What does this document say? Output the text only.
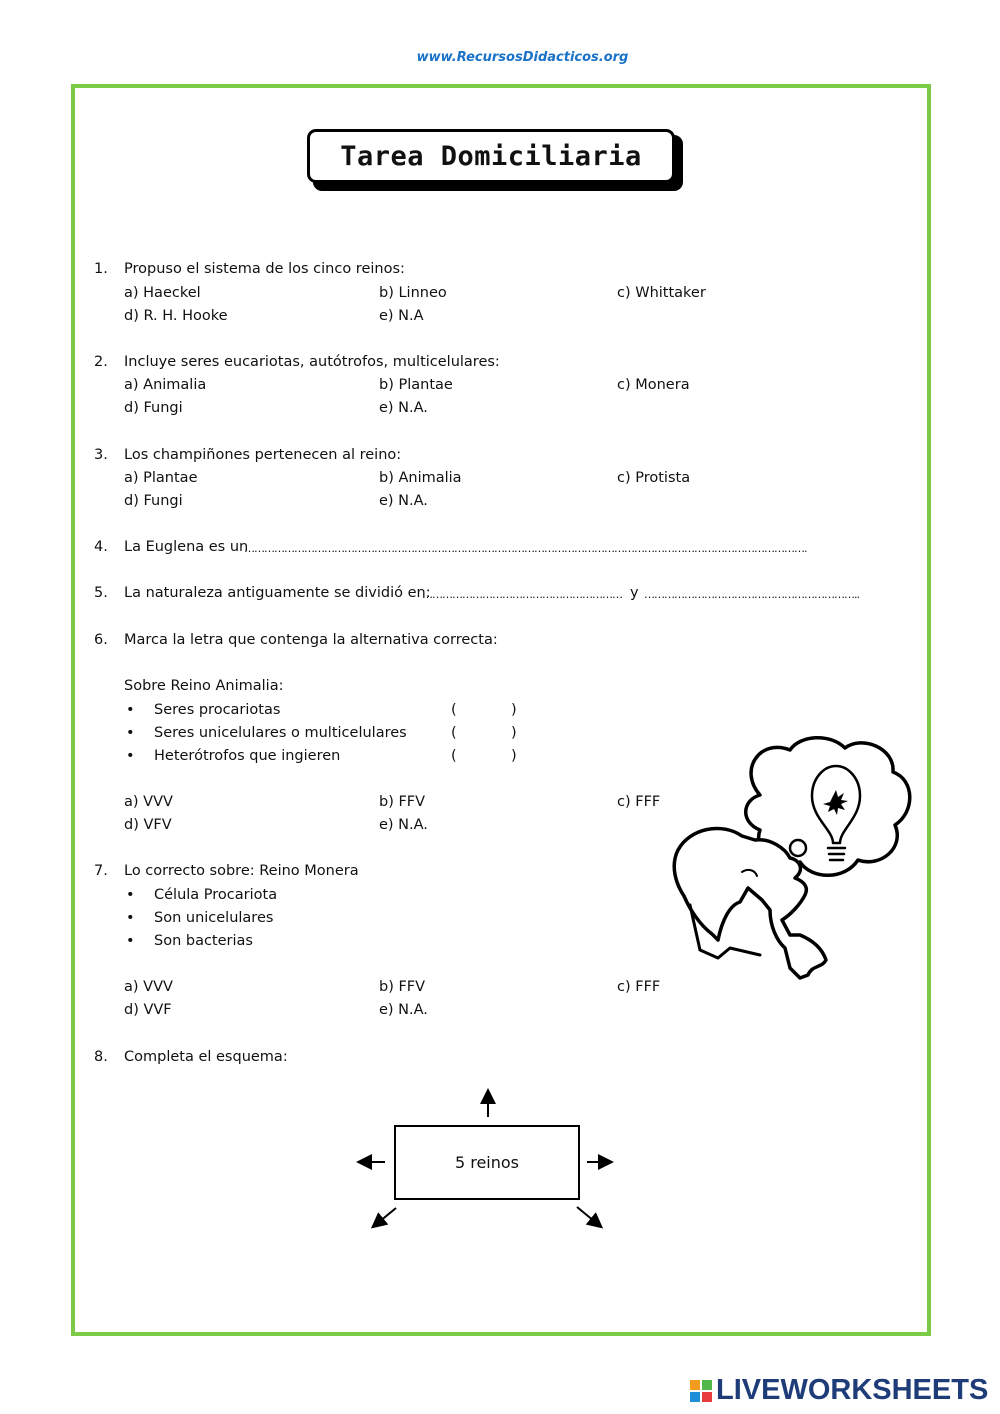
www.RecursosDidacticos.org
Tarea Domiciliaria
1. Propuso el sistema de los cinco reinos:
a) Haeckel	b) Linneo	c) Whittaker
d) R. H. Hooke	e) N.A
2. Incluye seres eucariotas, autótrofos, multicelulares:
a) Animalia	b) Plantae	c) Monera
d) Fungi	e) N.A.
3. Los champiñones pertenecen al reino:
a) Plantae	b) Animalia	c) Protista
d) Fungi	e) N.A.
4. La Euglena es un
…………………………………………………………………………………………………………………………………………………….
5. La naturaleza antiguamente se dividió en:
…………………………………………………… y ………………………………………………………..
6. Marca la letra que contenga la alternativa correcta:
Sobre Reino Animalia:
• Seres procariotas	(	)
• Seres unicelulares o multicelulares	(	)
• Heterótrofos que ingieren	(	)
a) VVV	b) FFV	c) FFF
d) VFV	e) N.A.
7. Lo correcto sobre: Reino Monera
• Célula Procariota
• Son unicelulares
• Son bacterias
a) VVV	b) FFV	c) FFF
d) VVF	e) N.A.
8. Completa el esquema:
5 reinos
LIVEWORKSHEETS
